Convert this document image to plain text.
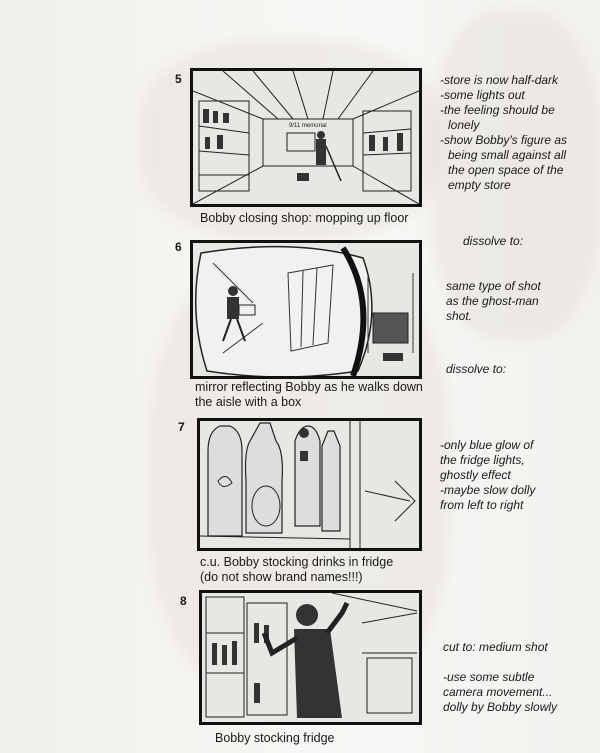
5
9/11 memorial
Bobby closing shop: mopping up floor
-store is now half-dark
-some lights out
-the feeling should be
lonely
-show Bobby's figure as
being small against all
the open space of the
empty store
6
mirror reflecting Bobby as he walks down
the aisle with a box
dissolve to:
same type of shot
as the ghost-man
shot.
dissolve to:
7
c.u. Bobby stocking drinks in fridge
(do not show brand names!!!)
-only blue glow of
the fridge lights,
ghostly effect
-maybe slow dolly
from left to right
8
Bobby stocking fridge
cut to: medium shot
-use some subtle
camera movement...
dolly by Bobby slowly
